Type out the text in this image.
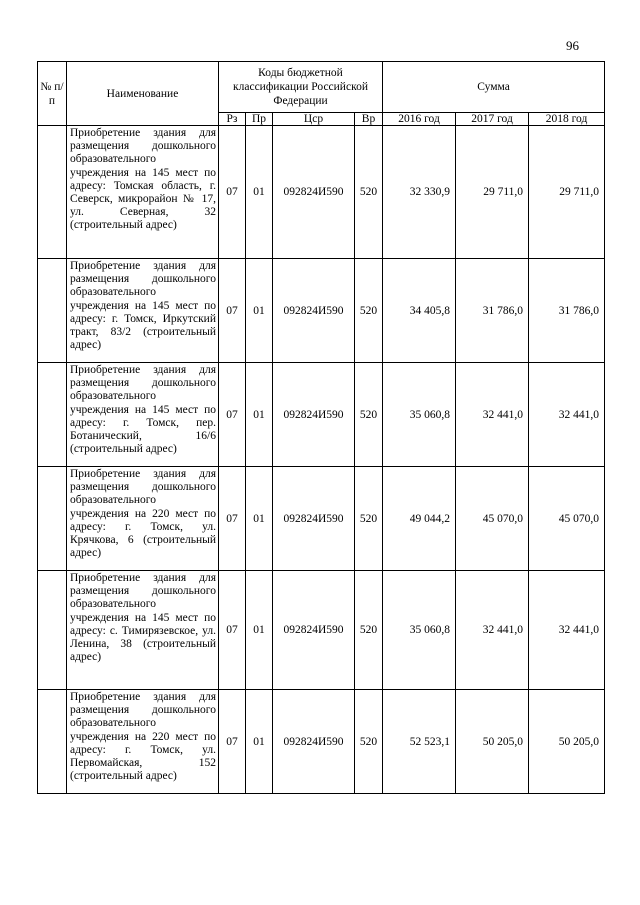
96
№ п/п	Наименование	Коды бюджетной классификации Российской Федерации				Сумма		
		Рз	Пр	Цср	Вр	2016 год	2017 год	2018 год
	Приобретение здания для размещения дошкольного образовательного учреждения на 145 мест по адресу: Томская область, г. Северск, микрорайон № 17, ул. Северная, 32 (строительный адрес)	07	01	092824И590	520	32 330,9	29 711,0	29 711,0
	Приобретение здания для размещения дошкольного образовательного учреждения на 145 мест по адресу: г. Томск, Иркутский тракт, 83/2 (строительный адрес)	07	01	092824И590	520	34 405,8	31 786,0	31 786,0
	Приобретение здания для размещения дошкольного образовательного учреждения на 145 мест по адресу: г. Томск, пер. Ботанический, 16/6 (строительный адрес)	07	01	092824И590	520	35 060,8	32 441,0	32 441,0
	Приобретение здания для размещения дошкольного образовательного учреждения на 220 мест по адресу: г. Томск, ул. Крячкова, 6 (строительный адрес)	07	01	092824И590	520	49 044,2	45 070,0	45 070,0
	Приобретение здания для размещения дошкольного образовательного учреждения на 145 мест по адресу: с. Тимирязевское, ул. Ленина, 38 (строительный адрес)	07	01	092824И590	520	35 060,8	32 441,0	32 441,0
	Приобретение здания для размещения дошкольного образовательного учреждения на 220 мест по адресу: г. Томск, ул. Первомайская, 152 (строительный адрес)	07	01	092824И590	520	52 523,1	50 205,0	50 205,0
